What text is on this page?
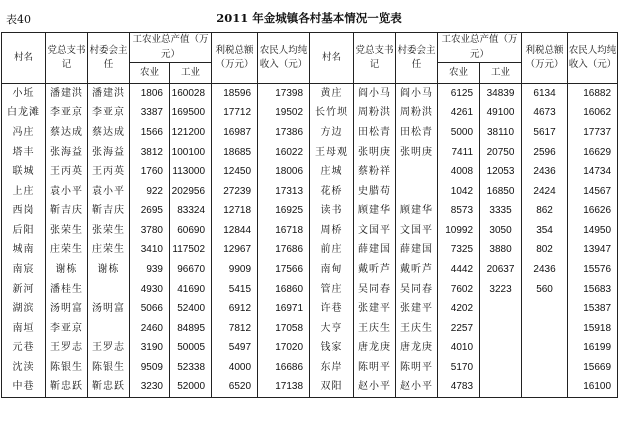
表40	2011 年金城镇各村基本情况一览表
村名	党总支书记	村委会主任	工农业总产值（万元）		利税总额（万元）	农民人均纯收入（元）	村名	党总支书记	村委会主任	工农业总产值（万元）		利税总额（万元）	农民人均纯收入（元）
			农业	工业						农业	工业		
小坵	潘建洪	潘建洪	1806	160028	18596	17398	黄庄	阎小马	阎小马	6125	34839	6134	16882
白龙滩	李亚京	李亚京	3387	169500	17712	19502	长竹坝	周粉洪	周粉洪	4261	49100	4673	16062
冯庄	蔡达成	蔡达成	1566	121200	16987	17386	方边	田松青	田松青	5000	38110	5617	17737
塔丰	张海益	张海益	3812	100100	18685	16022	王母观	张明庚	张明庚	7411	20750	2596	16629
联城	王丙英	王丙英	1760	113000	12450	18006	庄城	蔡粉祥		4008	12053	2436	14734
上庄	袁小平	袁小平	922	202956	27239	17313	花桥	史腊苟		1042	16850	2424	14567
西岗	靳吉庆	靳吉庆	2695	83324	12718	16925	读书	顾建华	顾建华	8573	3335	862	16626
后阳	张荣生	张荣生	3780	60690	12844	16718	周桥	文国平	文国平	10992	3050	354	14950
城南	庄荣生	庄荣生	3410	117502	12967	17686	前庄	薛建国	薛建国	7325	3880	802	13947
南宸	谢栋	谢栋	939	96670	9909	17566	南甸	戴听芦	戴听芦	4442	20637	2436	15576
新河	潘桂生		4930	41690	5415	16860	管庄	吴同春	吴同春	7602	3223	560	15683
湖滨	汤明富	汤明富	5066	52400	6912	16971	许巷	张建平	张建平	4202			15387
南垣	李亚京		2460	84895	7812	17058	大亨	王庆生	王庆生	2257			15918
元巷	王罗志	王罗志	3190	50005	5497	17020	钱家	唐龙庚	唐龙庚	4010			16199
沈渎	陈银生	陈银生	9509	52338	4000	16686	东岸	陈明平	陈明平	5170			15669
中巷	靳忠跃	靳忠跃	3230	52000	6520	17138	双阳	赵小平	赵小平	4783			16100
